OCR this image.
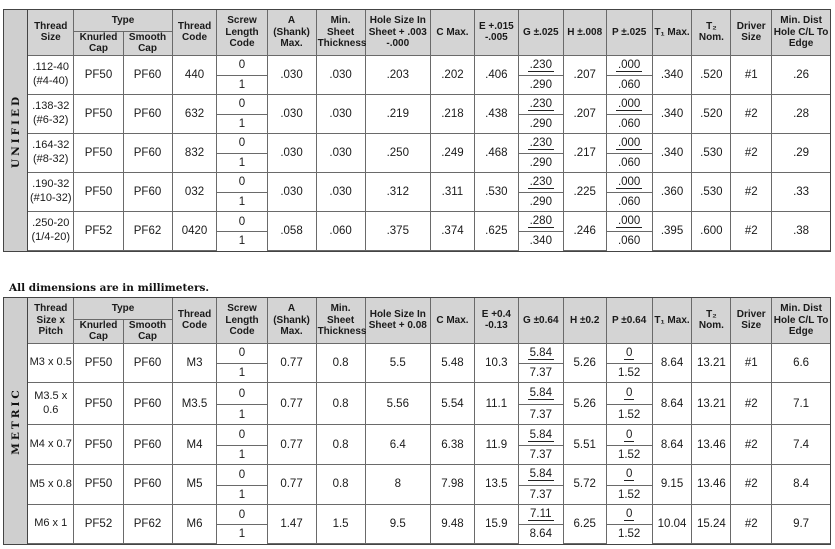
UNIFIED
Thread Size	Type		Thread Code	Screw Length Code	A (Shank) Max.	Min. Sheet Thickness	Hole Size In Sheet + .003 -.000	C Max.	E +.015 -.005	G ±.025	H ±.008	P ±.025	T₁ Max.	T₂ Nom.	Driver Size	Min. Dist Hole C/L To Edge
	Knurled Cap	Smooth Cap														

.112-40
(#4-40)	PF50	PF60	440	0	.030	.030	.203	.202	.406	.230	.207	.000	.340	.520	#1	.26
				1						.290		.060				

.138-32
(#6-32)	PF50	PF60	632	0	.030	.030	.219	.218	.438	.230	.207	.000	.340	.520	#2	.28
				1						.290		.060				

.164-32
(#8-32)	PF50	PF60	832	0	.030	.030	.250	.249	.468	.230	.217	.000	.340	.530	#2	.29
				1						.290		.060				

.190-32
(#10-32)	PF50	PF60	032	0	.030	.030	.312	.311	.530	.230	.225	.000	.360	.530	#2	.33
				1						.290		.060				

.250-20
(1/4-20)	PF52	PF62	0420	0	.058	.060	.375	.374	.625	.280	.246	.000	.395	.600	#2	.38
				1						.340		.060				
All dimensions are in millimeters.
METRIC
Thread Size x Pitch	Type		Thread Code	Screw Length Code	A (Shank) Max.	Min. Sheet Thickness	Hole Size In Sheet + 0.08	C Max.	E +0.4 -0.13	G ±0.64	H ±0.2	P ±0.64	T₁ Max.	T₂ Nom.	Driver Size	Min. Dist Hole C/L To Edge
	Knurled Cap	Smooth Cap														

M3 x 0.5	PF50	PF60	M3	0	0.77	0.8	5.5	5.48	10.3	5.84	5.26	0	8.64	13.21	#1	6.6
				1						7.37		1.52				

M3.5 x 0.6	PF50	PF60	M3.5	0	0.77	0.8	5.56	5.54	11.1	5.84	5.26	0	8.64	13.21	#2	7.1
				1						7.37		1.52				

M4 x 0.7	PF50	PF60	M4	0	0.77	0.8	6.4	6.38	11.9	5.84	5.51	0	8.64	13.46	#2	7.4
				1						7.37		1.52				

M5 x 0.8	PF50	PF60	M5	0	0.77	0.8	8	7.98	13.5	5.84	5.72	0	9.15	13.46	#2	8.4
				1						7.37		1.52				

M6 x 1	PF52	PF62	M6	0	1.47	1.5	9.5	9.48	15.9	7.11	6.25	0	10.04	15.24	#2	9.7
				1						8.64		1.52				
